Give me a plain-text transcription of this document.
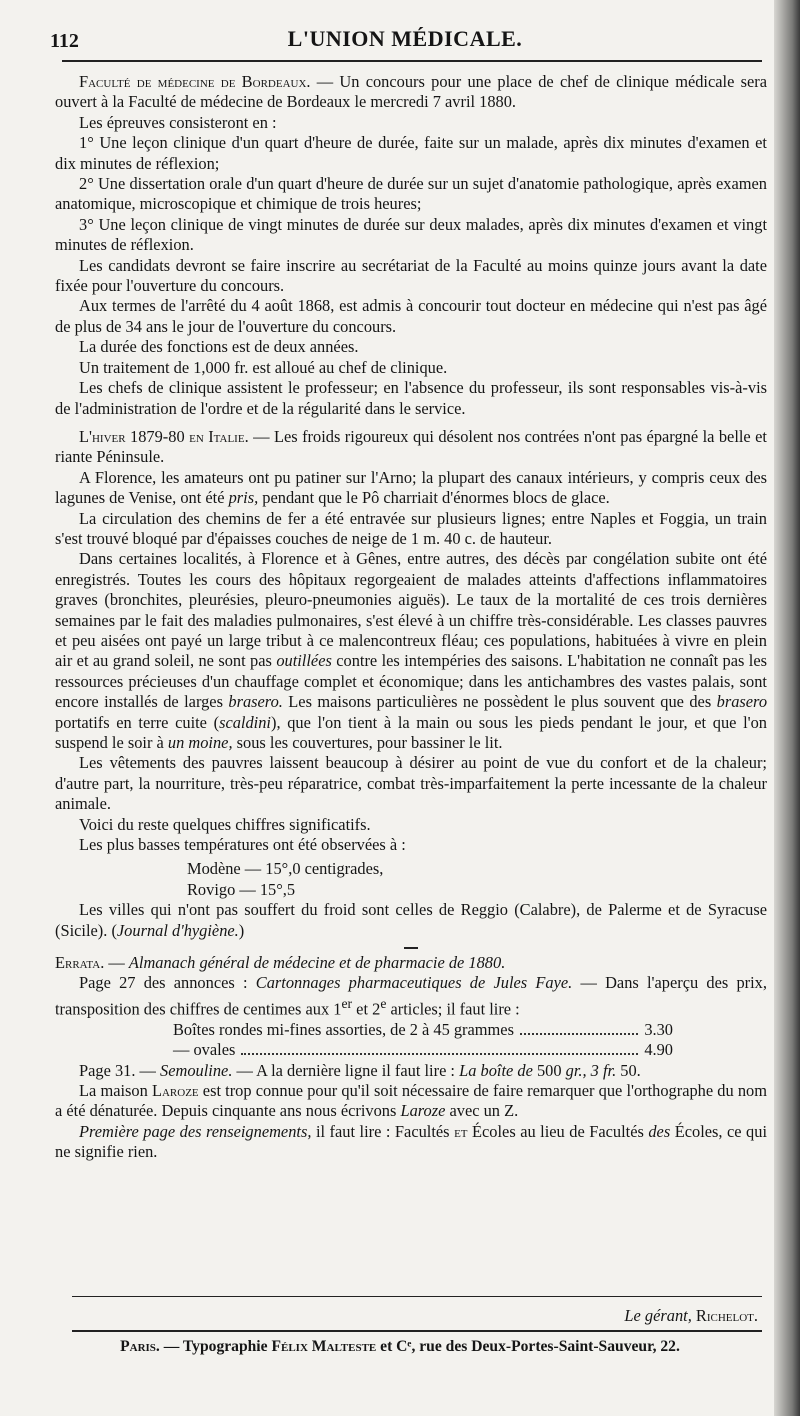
112	L'UNION MÉDICALE.

Faculté de médecine de Bordeaux. — Un concours pour une place de chef de clinique médicale sera ouvert à la Faculté de médecine de Bordeaux le mercredi 7 avril 1880.

Les épreuves consisteront en :

1° Une leçon clinique d'un quart d'heure de durée, faite sur un malade, après dix minutes d'examen et dix minutes de réflexion;

2° Une dissertation orale d'un quart d'heure de durée sur un sujet d'anatomie pathologique, après examen anatomique, microscopique et chimique de trois heures;

3° Une leçon clinique de vingt minutes de durée sur deux malades, après dix minutes d'examen et vingt minutes de réflexion.

Les candidats devront se faire inscrire au secrétariat de la Faculté au moins quinze jours avant la date fixée pour l'ouverture du concours.

Aux termes de l'arrêté du 4 août 1868, est admis à concourir tout docteur en médecine qui n'est pas âgé de plus de 34 ans le jour de l'ouverture du concours.

La durée des fonctions est de deux années.

Un traitement de 1,000 fr. est alloué au chef de clinique.

Les chefs de clinique assistent le professeur; en l'absence du professeur, ils sont responsables vis-à-vis de l'administration de l'ordre et de la régularité dans le service.

L'hiver 1879-80 en Italie. — Les froids rigoureux qui désolent nos contrées n'ont pas épargné la belle et riante Péninsule.

A Florence, les amateurs ont pu patiner sur l'Arno; la plupart des canaux intérieurs, y compris ceux des lagunes de Venise, ont été pris, pendant que le Pô charriait d'énormes blocs de glace.

La circulation des chemins de fer a été entravée sur plusieurs lignes; entre Naples et Foggia, un train s'est trouvé bloqué par d'épaisses couches de neige de 1 m. 40 c. de hauteur.

Dans certaines localités, à Florence et à Gênes, entre autres, des décès par congélation subite ont été enregistrés. Toutes les cours des hôpitaux regorgeaient de malades atteints d'affections inflammatoires graves (bronchites, pleurésies, pleuro-pneumonies aiguës). Le taux de la mortalité de ces trois dernières semaines par le fait des maladies pulmonaires, s'est élevé à un chiffre très-considérable. Les classes pauvres et peu aisées ont payé un large tribut à ce malencontreux fléau; ces populations, habituées à vivre en plein air et au grand soleil, ne sont pas outillées contre les intempéries des saisons. L'habitation ne connaît pas les ressources précieuses d'un chauffage complet et économique; dans les antichambres des vastes palais, sont encore installés de larges brasero. Les maisons particulières ne possèdent le plus souvent que des brasero portatifs en terre cuite (scaldini), que l'on tient à la main ou sous les pieds pendant le jour, et que l'on suspend le soir à un moine, sous les couvertures, pour bassiner le lit.

Les vêtements des pauvres laissent beaucoup à désirer au point de vue du confort et de la chaleur; d'autre part, la nourriture, très-peu réparatrice, combat très-imparfaitement la perte incessante de la chaleur animale.

Voici du reste quelques chiffres significatifs.

Les plus basses températures ont été observées à :

Modène — 15°,0 centigrades,
Rovigo — 15°,5

Les villes qui n'ont pas souffert du froid sont celles de Reggio (Calabre), de Palerme et de Syracuse (Sicile). (Journal d'hygiène.)

Errata. — Almanach général de médecine et de pharmacie de 1880.

Page 27 des annonces : Cartonnages pharmaceutiques de Jules Faye. — Dans l'aperçu des prix, transposition des chiffres de centimes aux 1er et 2e articles; il faut lire :

Boîtes rondes mi-fines assorties, de 2 à 45 grammes	3.30
— ovales	4.90

Page 31. — Semouline. — A la dernière ligne il faut lire : La boîte de 500 gr., 3 fr. 50.

La maison Laroze est trop connue pour qu'il soit nécessaire de faire remarquer que l'orthographe du nom a été dénaturée. Depuis cinquante ans nous écrivons Laroze avec un Z.

Première page des renseignements, il faut lire : Facultés et Écoles au lieu de Facultés des Écoles, ce qui ne signifie rien.

Le gérant, Richelot.
Paris. — Typographie Félix Malteste et Cᵉ, rue des Deux-Portes-Saint-Sauveur, 22.
